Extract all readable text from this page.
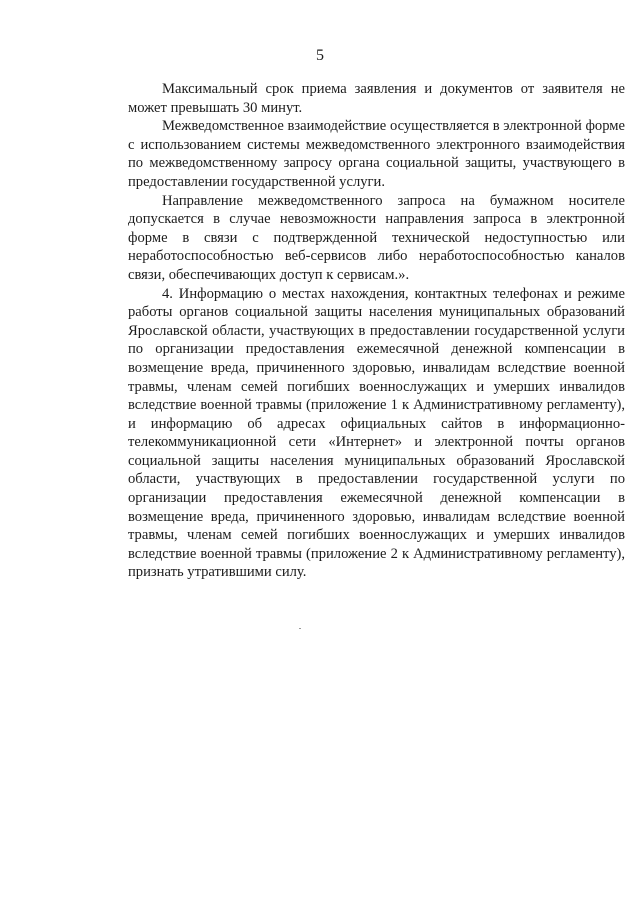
5

Максимальный срок приема заявления и документов от заявителя не может превышать 30 минут.

Межведомственное взаимодействие осуществляется в электронной форме с использованием системы межведомственного электронного взаимодействия по межведомственному запросу органа социальной защиты, участвующего в предоставлении государственной услуги.

Направление межведомственного запроса на бумажном носителе допускается в случае невозможности направления запроса в электронной форме в связи с подтвержденной технической недоступностью или неработоспособностью веб-сервисов либо неработоспособностью каналов связи, обеспечивающих доступ к сервисам.».

4. Информацию о местах нахождения, контактных телефонах и режиме работы органов социальной защиты населения муниципальных образований Ярославской области, участвующих в предоставлении государственной услуги по организации предоставления ежемесячной денежной компенсации в возмещение вреда, причиненного здоровью, инвалидам вследствие военной травмы, членам семей погибших военнослужащих и умерших инвалидов вследствие военной травмы (приложение 1 к Административному регламенту), и информацию об адресах официальных сайтов в информационно-телекоммуникационной сети «Интернет» и электронной почты органов социальной защиты населения муниципальных образований Ярославской области, участвующих в предоставлении государственной услуги по организации предоставления ежемесячной денежной компенсации в возмещение вреда, причиненного здоровью, инвалидам вследствие военной травмы, членам семей погибших военнослужащих и умерших инвалидов вследствие военной травмы (приложение 2 к Административному регламенту), признать утратившими силу.
